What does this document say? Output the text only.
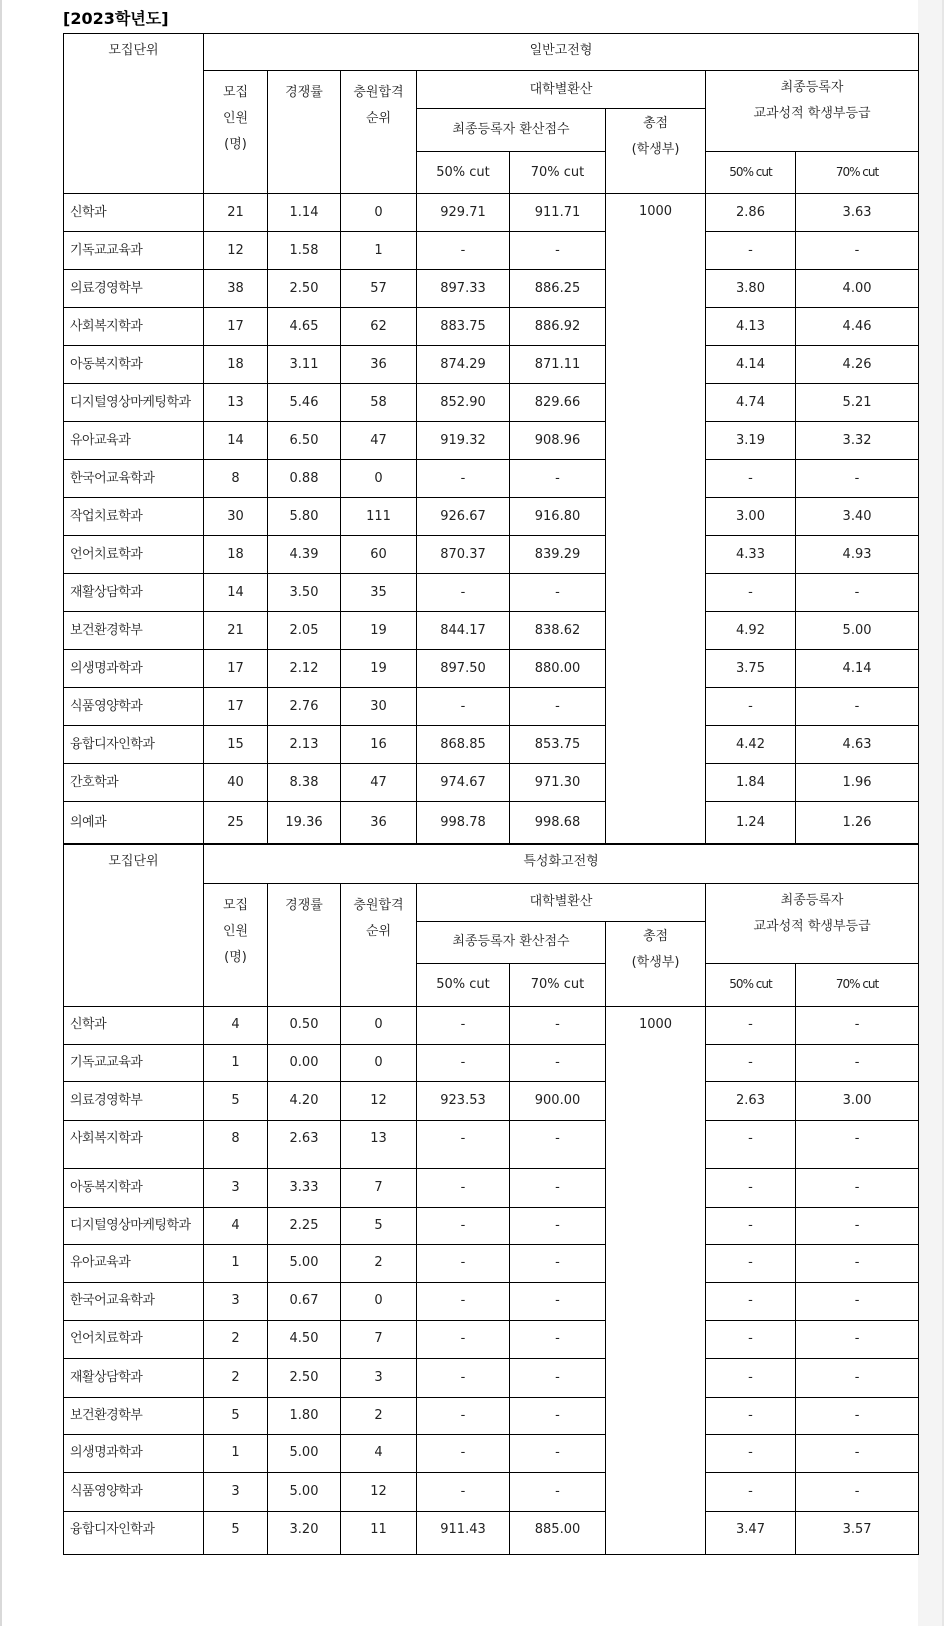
[2023학년도]
모집단위	일반고전형							

모집
인원
(명)
	경쟁률	충원합격
순위
	대학별환산	최종등록자
교과성적 학생부등급

				최종등록자 환산점수		총점
(학생부)		

				50% cut	70% cut		50% cut	70% cut
신학과	21	1.14	0	929.71	911.71	1000	2.86	3.63
기독교교육과	12	1.58	1	-	-		-	-
의료경영학부	38	2.50	57	897.33	886.25		3.80	4.00
사회복지학과	17	4.65	62	883.75	886.92		4.13	4.46
아동복지학과	18	3.11	36	874.29	871.11		4.14	4.26
디지털영상마케팅학과	13	5.46	58	852.90	829.66		4.74	5.21
유아교육과	14	6.50	47	919.32	908.96		3.19	3.32
한국어교육학과	8	0.88	0	-	-		-	-
작업치료학과	30	5.80	111	926.67	916.80		3.00	3.40
언어치료학과	18	4.39	60	870.37	839.29		4.33	4.93
재활상담학과	14	3.50	35	-	-		-	-
보건환경학부	21	2.05	19	844.17	838.62		4.92	5.00
의생명과학과	17	2.12	19	897.50	880.00		3.75	4.14
식품영양학과	17	2.76	30	-	-		-	-
융합디자인학과	15	2.13	16	868.85	853.75		4.42	4.63
간호학과	40	8.38	47	974.67	971.30		1.84	1.96
의예과	25	19.36	36	998.78	998.68		1.24	1.26
모집단위	특성화고전형							

모집
인원
(명)
	경쟁률	충원합격
순위
	대학별환산	최종등록자
교과성적 학생부등급

				최종등록자 환산점수		총점
(학생부)		

				50% cut	70% cut		50% cut	70% cut
신학과	4	0.50	0	-	-	1000	-	-
기독교교육과	1	0.00	0	-	-		-	-
의료경영학부	5	4.20	12	923.53	900.00		2.63	3.00
사회복지학과	8	2.63	13	-	-		-	-
아동복지학과	3	3.33	7	-	-		-	-
디지털영상마케팅학과	4	2.25	5	-	-		-	-
유아교육과	1	5.00	2	-	-		-	-
한국어교육학과	3	0.67	0	-	-		-	-
언어치료학과	2	4.50	7	-	-		-	-
재활상담학과	2	2.50	3	-	-		-	-
보건환경학부	5	1.80	2	-	-		-	-
의생명과학과	1	5.00	4	-	-		-	-
식품영양학과	3	5.00	12	-	-		-	-
융합디자인학과	5	3.20	11	911.43	885.00		3.47	3.57
